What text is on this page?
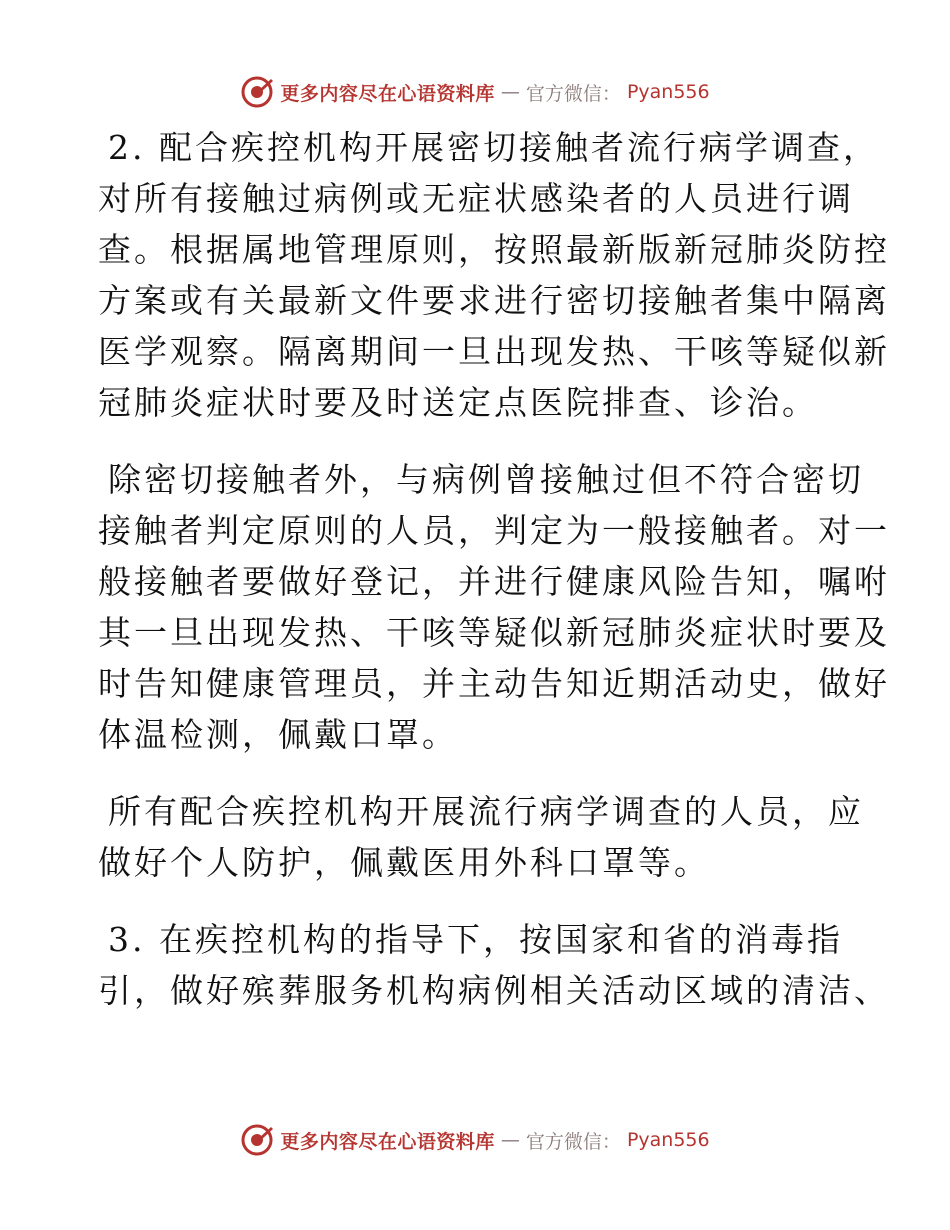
更多内容尽在心语资料库 — 官方微信： Pyan556
2. 配合疾控机构开展密切接触者流行病学调查，
对所有接触过病例或无症状感染者的人员进行调
查。根据属地管理原则，按照最新版新冠肺炎防控
方案或有关最新文件要求进行密切接触者集中隔离
医学观察。隔离期间一旦出现发热、干咳等疑似新
冠肺炎症状时要及时送定点医院排查、诊治。
除密切接触者外，与病例曾接触过但不符合密切
接触者判定原则的人员，判定为一般接触者。对一
般接触者要做好登记，并进行健康风险告知，嘱咐
其一旦出现发热、干咳等疑似新冠肺炎症状时要及
时告知健康管理员，并主动告知近期活动史，做好
体温检测，佩戴口罩。
所有配合疾控机构开展流行病学调查的人员，应
做好个人防护，佩戴医用外科口罩等。
3. 在疾控机构的指导下，按国家和省的消毒指
引，做好殡葬服务机构病例相关活动区域的清洁、
更多内容尽在心语资料库 — 官方微信： Pyan556
